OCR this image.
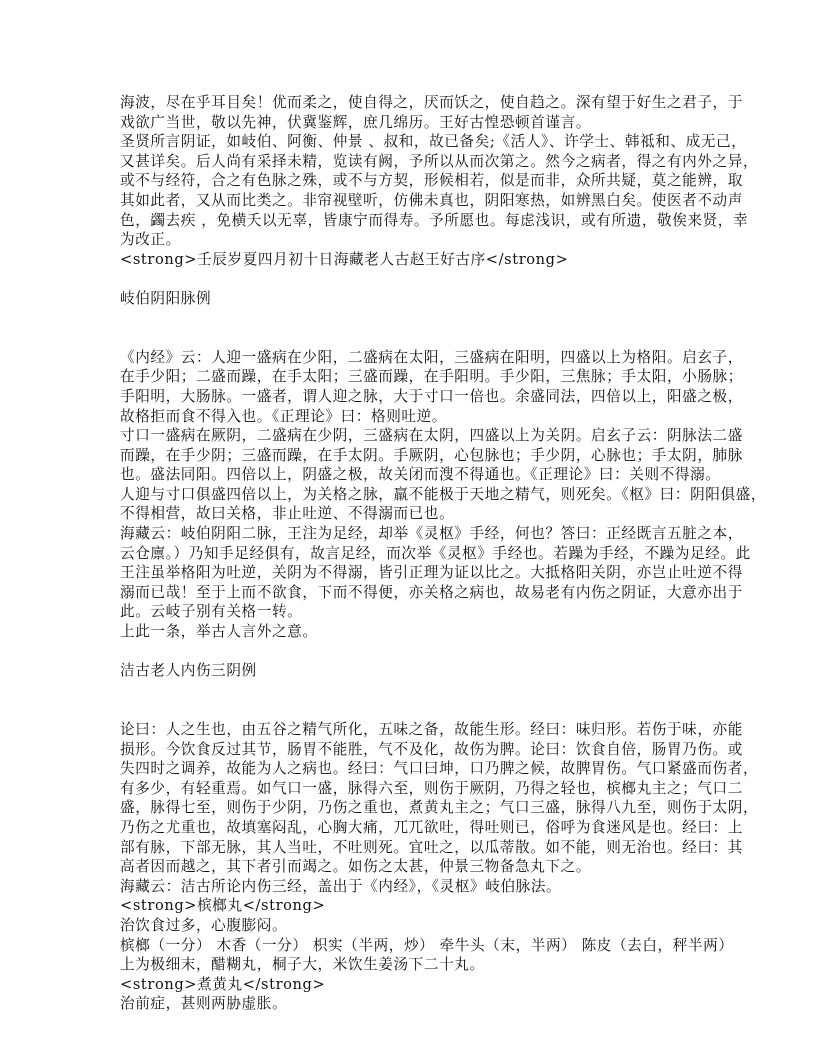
海波，尽在乎耳目矣！优而柔之，使自得之，厌而饫之，使自趋之。深有望于好生之君子，于
戏欲广当世，敬以先神，伏冀鉴辉，庶几绵历。王好古惶恐顿首谨言。
圣贤所言阴证，如岐伯、阿衡、仲景 、叔和，故已备矣;《活人》、许学士、韩祗和、成无己，
又甚详矣。后人尚有采择未精，览读有阙，予所以从而次第之。然今之病者，得之有内外之异，
或不与经符，合之有色脉之殊，或不与方契，形候相若，似是而非，众所共疑，莫之能辨，取
其如此者，又从而比类之。非帘视壁听，仿佛未真也，阴阳寒热，如辨黑白矣。使医者不动声
色，蠲去疾 ，免横夭以无辜，皆康宁而得寿。予所愿也。每虑浅识，或有所遗，敬俟来贤，幸
为改正。
<strong>壬辰岁夏四月初十日海藏老人古赵王好古序</strong>
岐伯阴阳脉例
《内经》云：人迎一盛病在少阳，二盛病在太阳，三盛病在阳明，四盛以上为格阳。启玄子，
在手少阳；二盛而躁，在手太阳；三盛而躁，在手阳明。手少阳，三焦脉；手太阳，小肠脉；
手阳明，大肠脉。一盛者，谓人迎之脉，大于寸口一倍也。余盛同法，四倍以上，阳盛之极，
故格拒而食不得入也。《正理论》曰：格则吐逆。
寸口一盛病在厥阴，二盛病在少阴，三盛病在太阴，四盛以上为关阴。启玄子云：阴脉法二盛
而躁，在手少阴；三盛而躁，在手太阴。手厥阴，心包脉也；手少阴，心脉也；手太阴，肺脉
也。盛法同阳。四倍以上，阴盛之极，故关闭而溲不得通也。《正理论》曰：关则不得溺。
人迎与寸口俱盛四倍以上，为关格之脉，羸不能极于天地之精气，则死矣。《枢》曰：阴阳俱盛，
不得相营，故曰关格，非止吐逆、不得溺而已也。
海藏云：岐伯阴阳二脉，王注为足经，却举《灵枢》手经，何也？答曰：正经既言五脏之本，
云仓廪。）乃知手足经俱有，故言足经，而次举《灵枢》手经也。若躁为手经，不躁为足经。此
王注虽举格阳为吐逆，关阴为不得溺，皆引正理为证以比之。大抵格阳关阴，亦岂止吐逆不得
溺而已哉！至于上而不欲食，下而不得便，亦关格之病也，故易老有内伤之阴证，大意亦出于
此。云岐子别有关格一转。
上此一条，举古人言外之意。
洁古老人内伤三阴例
论曰：人之生也，由五谷之精气所化，五味之备，故能生形。经曰：味归形。若伤于味，亦能
损形。今饮食反过其节，肠胃不能胜，气不及化，故伤为脾。论曰：饮食自倍，肠胃乃伤。或
失四时之调养，故能为人之病也。经曰：气口曰坤，口乃脾之候，故脾胃伤。气口紧盛而伤者，
有多少，有轻重焉。如气口一盛，脉得六至，则伤于厥阴，乃得之轻也，槟榔丸主之；气口二
盛，脉得七至，则伤于少阴，乃伤之重也，煮黄丸主之；气口三盛，脉得八九至，则伤于太阴，
乃伤之尤重也，故填塞闷乱，心胸大痛，兀兀欲吐，得吐则已，俗呼为食迷风是也。经曰：上
部有脉，下部无脉，其人当吐，不吐则死。宜吐之，以瓜蒂散。如不能，则无治也。经曰：其
高者因而越之，其下者引而竭之。如伤之太甚，仲景三物备急丸下之。
海藏云：洁古所论内伤三经，盖出于《内经》，《灵枢》岐伯脉法。
<strong>槟榔丸</strong>
治饮食过多，心腹膨闷。
槟榔（一分） 木香（一分） 枳实（半两，炒） 牵牛头（末，半两） 陈皮（去白，秤半两）
上为极细末，醋糊丸，桐子大，米饮生姜汤下二十丸。
<strong>煮黄丸</strong>
治前症，甚则两胁虚胀。
